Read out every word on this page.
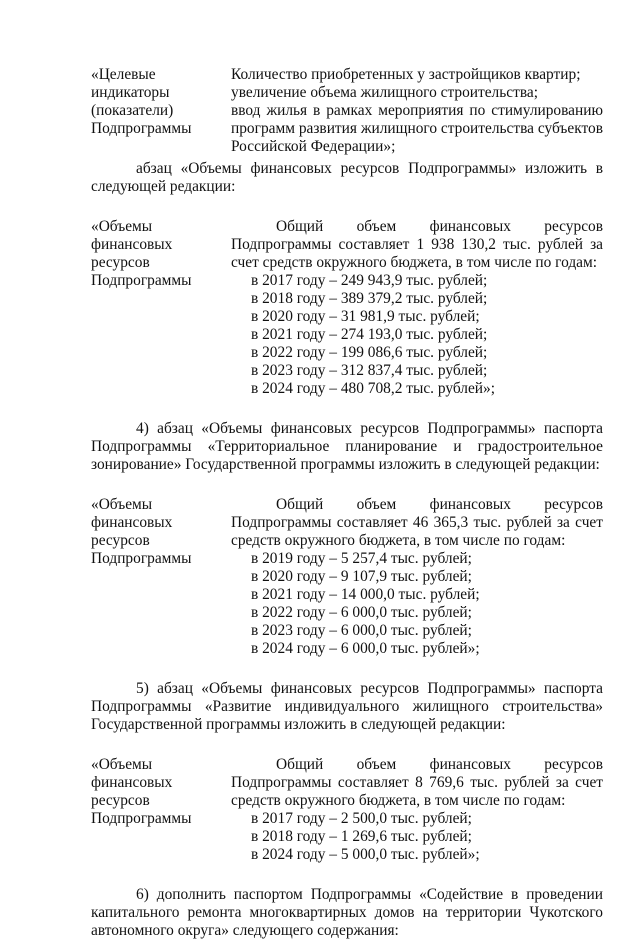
«Целевые
индикаторы
(показатели)
Подпрограммы
Количество приобретенных у застройщиков квартир;
увеличение объема жилищного строительства;
ввод жилья в рамках мероприятия по стимулированию программ развития жилищного строительства субъектов Российской Федерации»;
абзац «Объемы финансовых ресурсов Подпрограммы» изложить в следующей редакции:
«Объемы
финансовых
ресурсов
Подпрограммы
Общий объем финансовых ресурсов Подпрограммы составляет 1 938 130,2 тыс. рублей за счет средств окружного бюджета, в том числе по годам:
в 2017 году – 249 943,9 тыс. рублей;
в 2018 году – 389 379,2 тыс. рублей;
в 2020 году – 31 981,9 тыс. рублей;
в 2021 году – 274 193,0 тыс. рублей;
в 2022 году – 199 086,6 тыс. рублей;
в 2023 году – 312 837,4 тыс. рублей;
в 2024 году – 480 708,2 тыс. рублей»;
4) абзац «Объемы финансовых ресурсов Подпрограммы» паспорта Подпрограммы «Территориальное планирование и градостроительное зонирование» Государственной программы изложить в следующей редакции:
«Объемы
финансовых
ресурсов
Подпрограммы
Общий объем финансовых ресурсов Подпрограммы составляет 46 365,3 тыс. рублей за счет средств окружного бюджета, в том числе по годам:
в 2019 году – 5 257,4 тыс. рублей;
в 2020 году – 9 107,9 тыс. рублей;
в 2021 году – 14 000,0 тыс. рублей;
в 2022 году – 6 000,0 тыс. рублей;
в 2023 году – 6 000,0 тыс. рублей;
в 2024 году – 6 000,0 тыс. рублей»;
5) абзац «Объемы финансовых ресурсов Подпрограммы» паспорта Подпрограммы «Развитие индивидуального жилищного строительства» Государственной программы изложить в следующей редакции:
«Объемы
финансовых
ресурсов
Подпрограммы
Общий объем финансовых ресурсов Подпрограммы составляет 8 769,6 тыс. рублей за счет средств окружного бюджета, в том числе по годам:
в 2017 году – 2 500,0 тыс. рублей;
в 2018 году – 1 269,6 тыс. рублей;
в 2024 году – 5 000,0 тыс. рублей»;
6) дополнить паспортом Подпрограммы «Содействие в проведении капитального ремонта многоквартирных домов на территории Чукотского автономного округа» следующего содержания:
